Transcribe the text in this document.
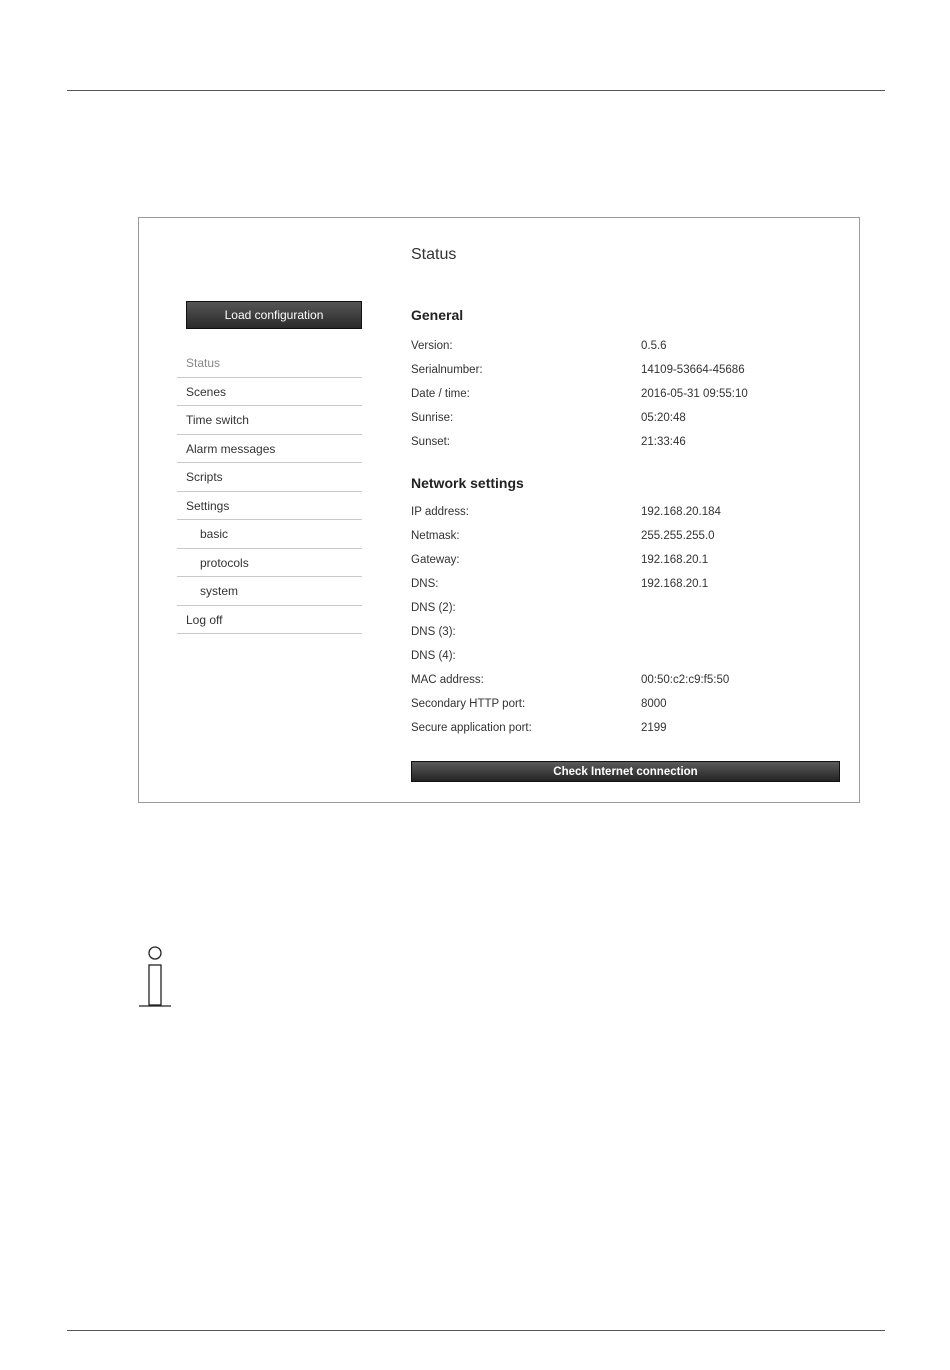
Load configuration
Status
Scenes
Time switch
Alarm messages
Scripts
Settings
basic
protocols
system
Log off
Status
General
Version:	0.5.6
Serialnumber:	14109-53664-45686
Date / time:	2016-05-31 09:55:10
Sunrise:	05:20:48
Sunset:	21:33:46
Network settings
IP address:	192.168.20.184
Netmask:	255.255.255.0
Gateway:	192.168.20.1
DNS:	192.168.20.1
DNS (2):
DNS (3):
DNS (4):
MAC address:	00:50:c2:c9:f5:50
Secondary HTTP port:	8000
Secure application port:	2199
Check Internet connection
